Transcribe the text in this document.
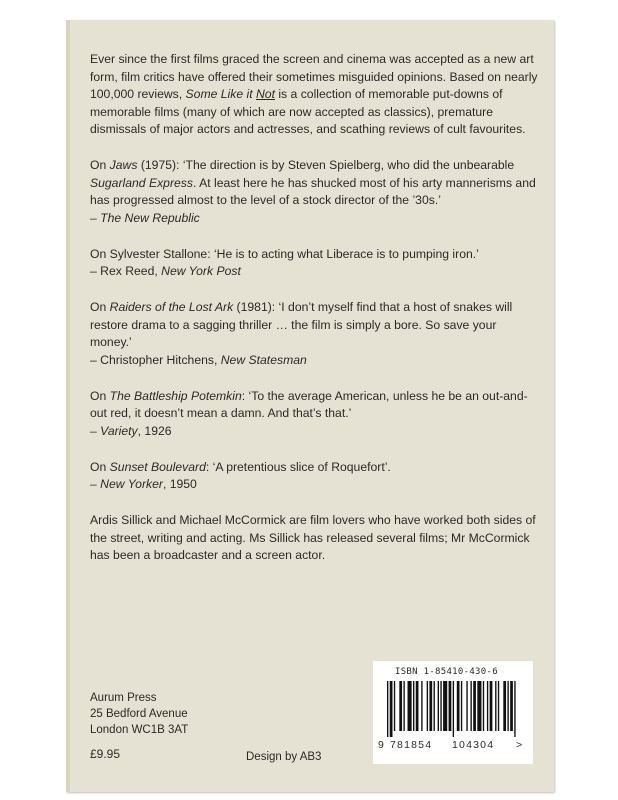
Ever since the first films graced the screen and cinema was accepted as a new art form, film critics have offered their sometimes misguided opinions. Based on nearly 100,000 reviews, Some Like it Not is a collection of memorable put-downs of memorable films (many of which are now accepted as classics), premature dismissals of major actors and actresses, and scathing reviews of cult favourites.

On Jaws (1975): ‘The direction is by Steven Spielberg, who did the unbearable Sugarland Express. At least here he has shucked most of his arty mannerisms and has progressed almost to the level of a stock director of the ’30s.’
– The New Republic

On Sylvester Stallone: ‘He is to acting what Liberace is to pumping iron.’
– Rex Reed, New York Post

On Raiders of the Lost Ark (1981): ‘I don’t myself find that a host of snakes will restore drama to a sagging thriller … the film is simply a bore. So save your money.’
– Christopher Hitchens, New Statesman

On The Battleship Potemkin: ‘To the average American, unless he be an out-and-out red, it doesn’t mean a damn. And that’s that.’
– Variety, 1926

On Sunset Boulevard: ‘A pretentious slice of Roquefort’.
– New Yorker, 1950

Ardis Sillick and Michael McCormick are film lovers who have worked both sides of the street, writing and acting. Ms Sillick has released several films; Mr McCormick has been a broadcaster and a screen actor.

Aurum Press
25 Bedford Avenue
London WC1B 3AT
£9.95	Design by AB3
ISBN 1-85410-430-6
9 781854 104304 >
